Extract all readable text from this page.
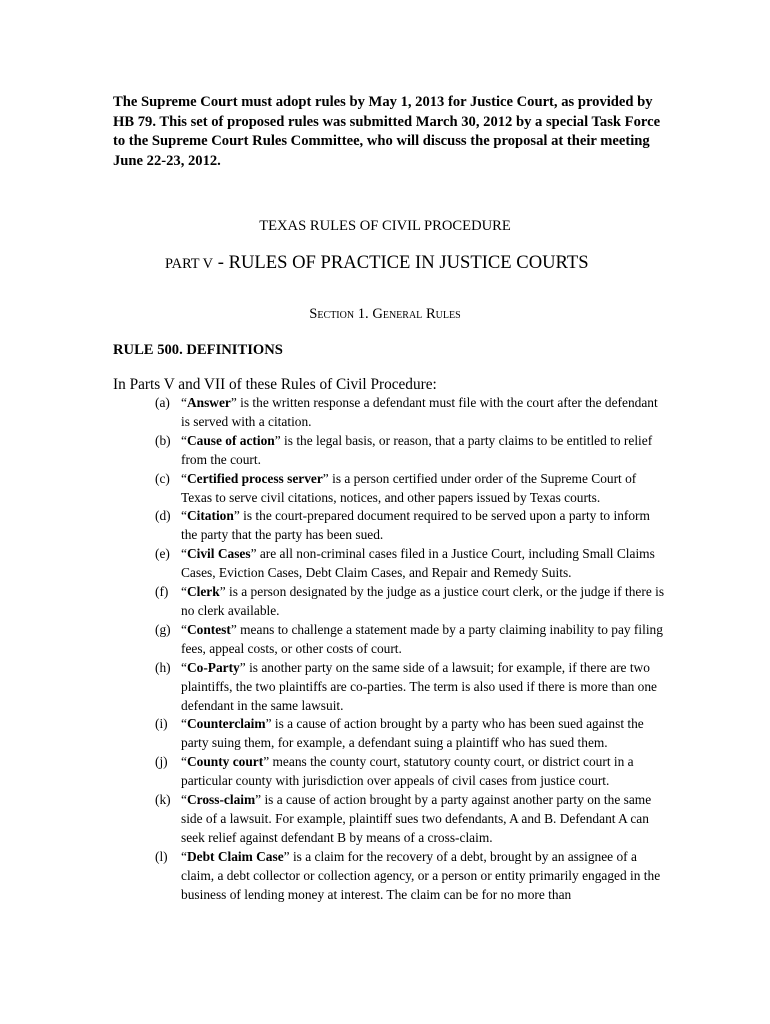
The Supreme Court must adopt rules by May 1, 2013 for Justice Court, as provided by HB 79. This set of proposed rules was submitted March 30, 2012 by a special Task Force to the Supreme Court Rules Committee, who will discuss the proposal at their meeting June 22-23, 2012.

TEXAS RULES OF CIVIL PROCEDURE
PART V - RULES OF PRACTICE IN JUSTICE COURTS
Section 1. General Rules
RULE 500. DEFINITIONS
In Parts V and VII of these Rules of Civil Procedure:
(a) “Answer” is the written response a defendant must file with the court after the defendant is served with a citation.
(b) “Cause of action” is the legal basis, or reason, that a party claims to be entitled to relief from the court.
(c) “Certified process server” is a person certified under order of the Supreme Court of Texas to serve civil citations, notices, and other papers issued by Texas courts.
(d) “Citation” is the court-prepared document required to be served upon a party to inform the party that the party has been sued.
(e) “Civil Cases” are all non-criminal cases filed in a Justice Court, including Small Claims Cases, Eviction Cases, Debt Claim Cases, and Repair and Remedy Suits.
(f) “Clerk” is a person designated by the judge as a justice court clerk, or the judge if there is no clerk available.
(g) “Contest” means to challenge a statement made by a party claiming inability to pay filing fees, appeal costs, or other costs of court.
(h) “Co-Party” is another party on the same side of a lawsuit; for example, if there are two plaintiffs, the two plaintiffs are co-parties. The term is also used if there is more than one defendant in the same lawsuit.
(i) “Counterclaim” is a cause of action brought by a party who has been sued against the party suing them, for example, a defendant suing a plaintiff who has sued them.
(j) “County court” means the county court, statutory county court, or district court in a particular county with jurisdiction over appeals of civil cases from justice court.
(k) “Cross-claim” is a cause of action brought by a party against another party on the same side of a lawsuit. For example, plaintiff sues two defendants, A and B. Defendant A can seek relief against defendant B by means of a cross-claim.
(l) “Debt Claim Case” is a claim for the recovery of a debt, brought by an assignee of a claim, a debt collector or collection agency, or a person or entity primarily engaged in the business of lending money at interest. The claim can be for no more than
